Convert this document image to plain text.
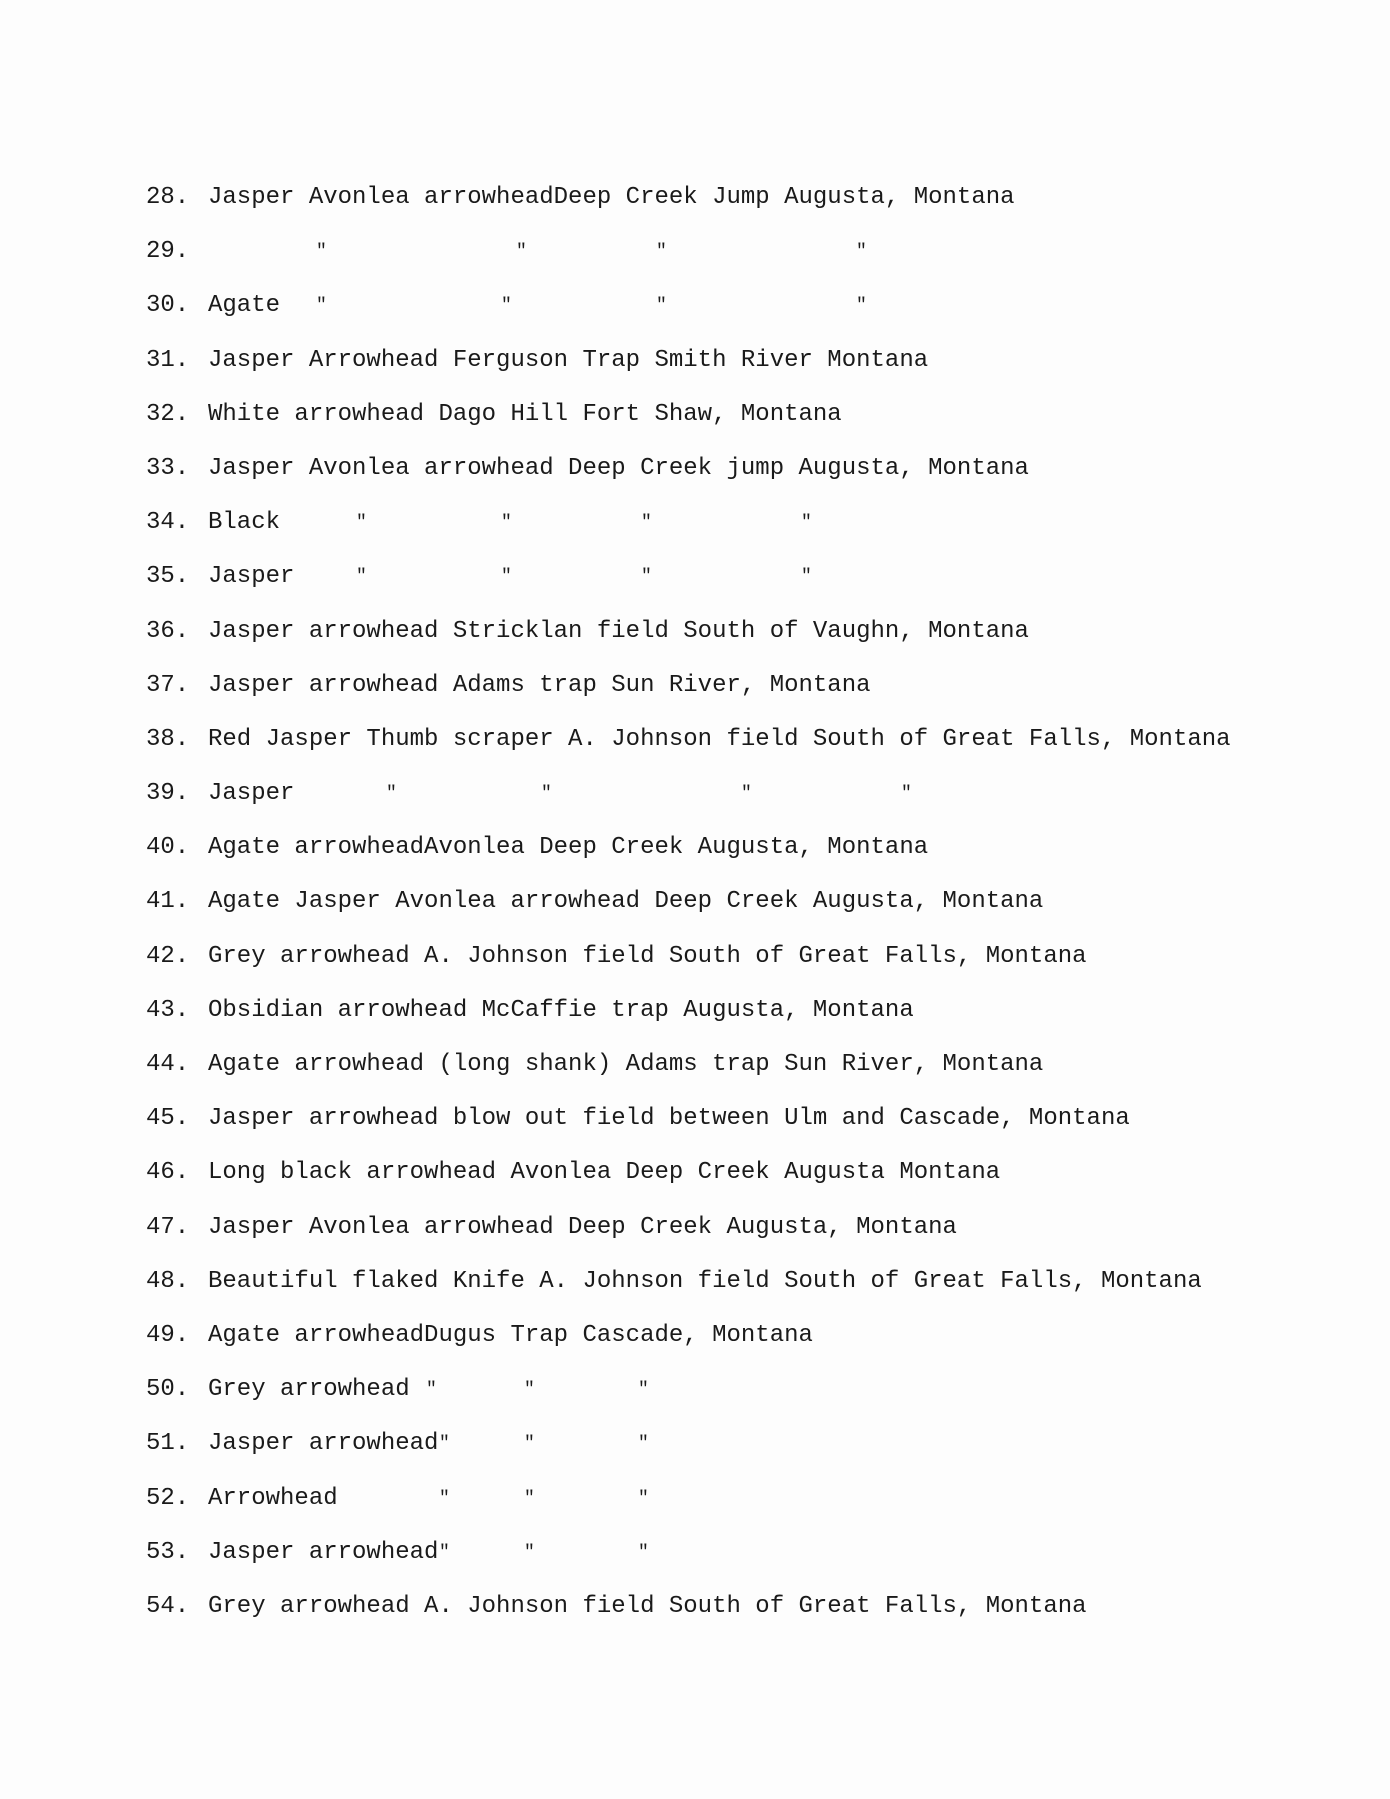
28. Jasper Avonlea arrowheadDeep Creek Jump Augusta, Montana
29.	"	"	"	"
30. Agate "	"	"	"
31. Jasper Arrowhead Ferguson Trap Smith River Montana
32. White arrowhead Dago Hill Fort Shaw, Montana
33. Jasper Avonlea arrowhead Deep Creek jump Augusta, Montana
34. Black	"	"	"	"
35. Jasper	"	"	"	"
36. Jasper arrowhead Stricklan field South of Vaughn, Montana
37. Jasper arrowhead Adams trap Sun River, Montana
38. Red Jasper Thumb scraper A. Johnson field South of Great Falls, Montana
39. Jasper	"	"	"	"
40. Agate arrowheadAvonlea Deep Creek Augusta, Montana
41. Agate Jasper Avonlea arrowhead Deep Creek Augusta, Montana
42. Grey arrowhead A. Johnson field South of Great Falls, Montana
43. Obsidian arrowhead McCaffie trap Augusta, Montana
44. Agate arrowhead (long shank) Adams trap Sun River, Montana
45. Jasper arrowhead blow out field between Ulm and Cascade, Montana
46. Long black arrowhead Avonlea Deep Creek Augusta Montana
47. Jasper Avonlea arrowhead Deep Creek Augusta, Montana
48. Beautiful flaked Knife A. Johnson field South of Great Falls, Montana
49. Agate arrowheadDugus Trap Cascade, Montana
50. Grey arrowhead "	"	"
51. Jasper arrowhead "	"	"
52. Arrowhead	"	"	"
53. Jasper arrowhead "	"	"
54. Grey arrowhead A. Johnson field South of Great Falls, Montana
